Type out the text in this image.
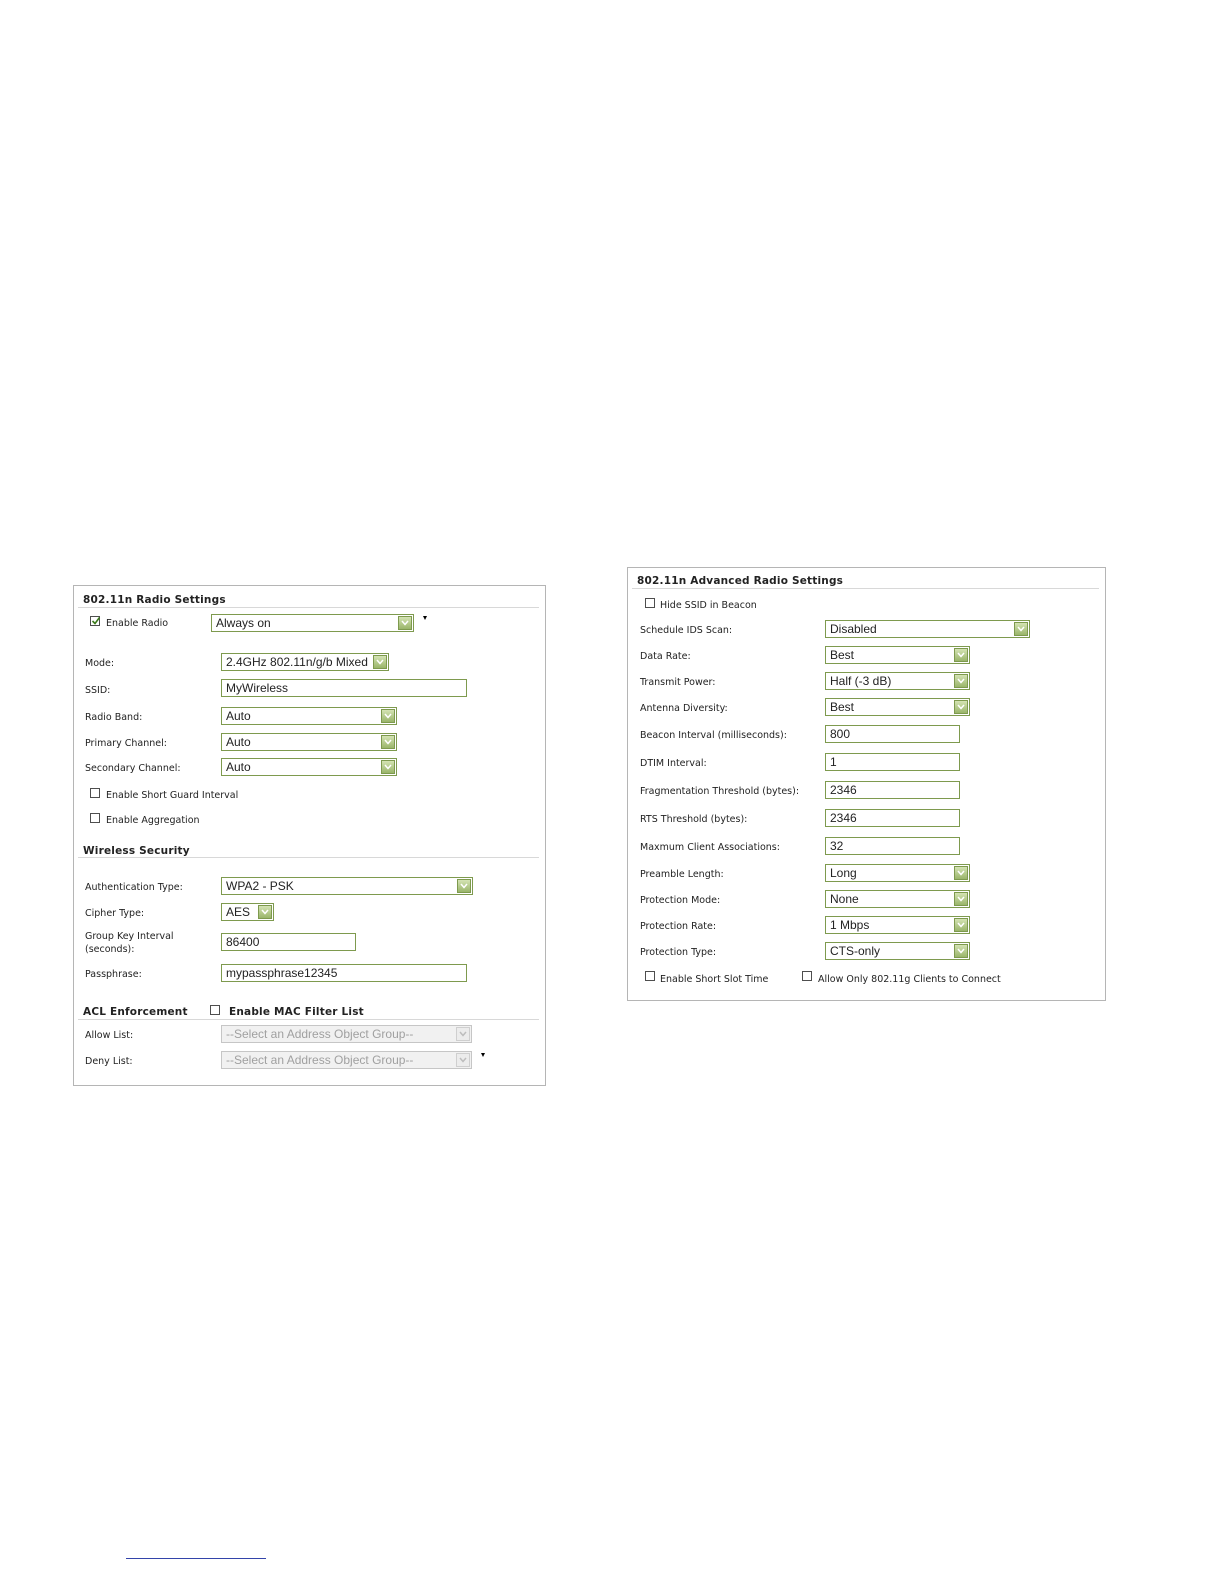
802.11n Radio Settings
Enable Radio	Always on
Mode:	2.4GHz 802.11n/g/b Mixed
SSID:	MyWireless
Radio Band:	Auto
Primary Channel:	Auto
Secondary Channel:	Auto
Enable Short Guard Interval
Enable Aggregation
Wireless Security
Authentication Type:	WPA2 - PSK
Cipher Type:	AES
Group Key Interval
(seconds):
86400
Passphrase:	mypassphrase12345
ACL Enforcement	Enable MAC Filter List
Allow List:	--Select an Address Object Group--
Deny List:	--Select an Address Object Group--
802.11n Advanced Radio Settings
Hide SSID in Beacon
Schedule IDS Scan:	Disabled
Data Rate:	Best
Transmit Power:	Half (-3 dB)
Antenna Diversity:	Best
Beacon Interval (milliseconds):	800
DTIM Interval:	1
Fragmentation Threshold (bytes):	2346
RTS Threshold (bytes):	2346
Maxmum Client Associations:	32
Preamble Length:	Long
Protection Mode:	None
Protection Rate:	1 Mbps
Protection Type:	CTS-only
Enable Short Slot Time	Allow Only 802.11g Clients to Connect
